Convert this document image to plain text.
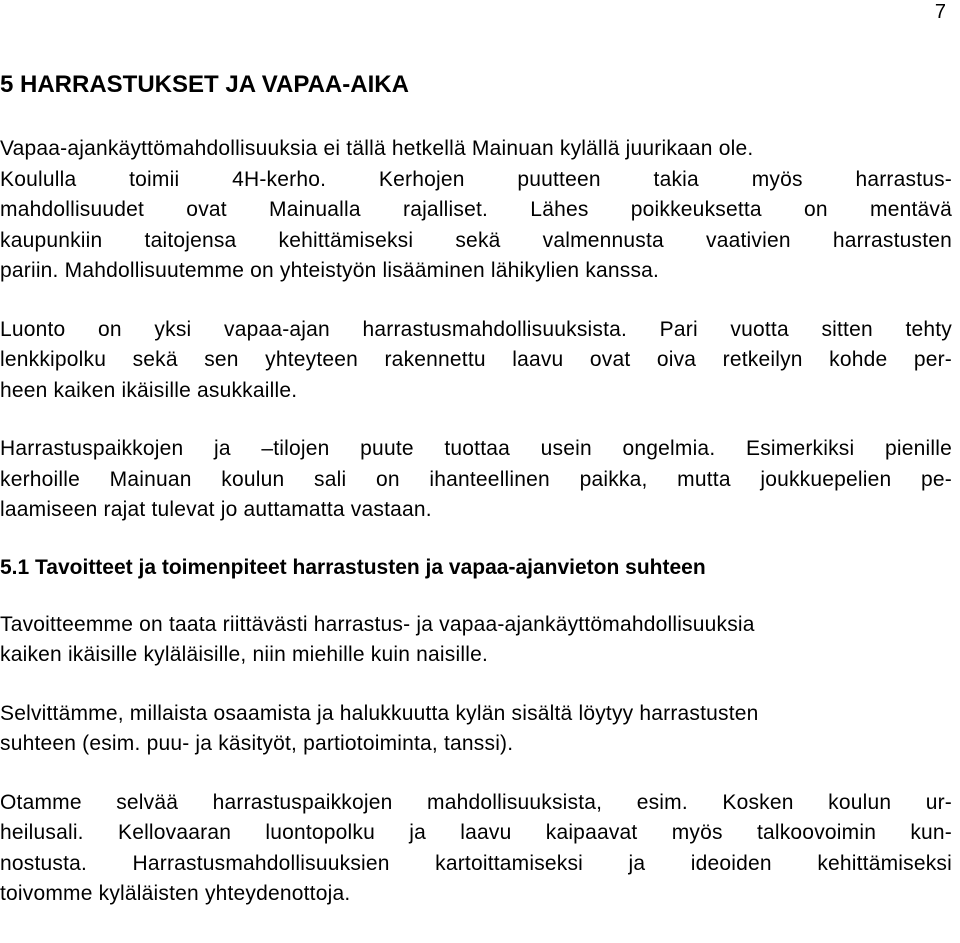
7
5 HARRASTUKSET JA VAPAA-AIKA

Vapaa-ajankäyttömahdollisuuksia ei tällä hetkellä Mainuan kylällä juurikaan ole.
Koululla toimii 4H-kerho. Kerhojen puutteen takia myös harrastus-
mahdollisuudet ovat Mainualla rajalliset. Lähes poikkeuksetta on mentävä
kaupunkiin taitojensa kehittämiseksi sekä valmennusta vaativien harrastusten
pariin. Mahdollisuutemme on yhteistyön lisääminen lähikylien kanssa.

Luonto on yksi vapaa-ajan harrastusmahdollisuuksista. Pari vuotta sitten tehty
lenkkipolku sekä sen yhteyteen rakennettu laavu ovat oiva retkeilyn kohde per-
heen kaiken ikäisille asukkaille.

Harrastuspaikkojen ja –tilojen puute tuottaa usein ongelmia. Esimerkiksi pienille
kerhoille Mainuan koulun sali on ihanteellinen paikka, mutta joukkuepelien pe-
laamiseen rajat tulevat jo auttamatta vastaan.

5.1 Tavoitteet ja toimenpiteet harrastusten ja vapaa-ajanvieton suhteen

Tavoitteemme on taata riittävästi harrastus- ja vapaa-ajankäyttömahdollisuuksia
kaiken ikäisille kyläläisille, niin miehille kuin naisille.

Selvittämme, millaista osaamista ja halukkuutta kylän sisältä löytyy harrastusten
suhteen (esim. puu- ja käsityöt, partiotoiminta, tanssi).

Otamme selvää harrastuspaikkojen mahdollisuuksista, esim. Kosken koulun ur-
heilusali. Kellovaaran luontopolku ja laavu kaipaavat myös talkoovoimin kun-
nostusta. Harrastusmahdollisuuksien kartoittamiseksi ja ideoiden kehittämiseksi
toivomme kyläläisten yhteydenottoja.
